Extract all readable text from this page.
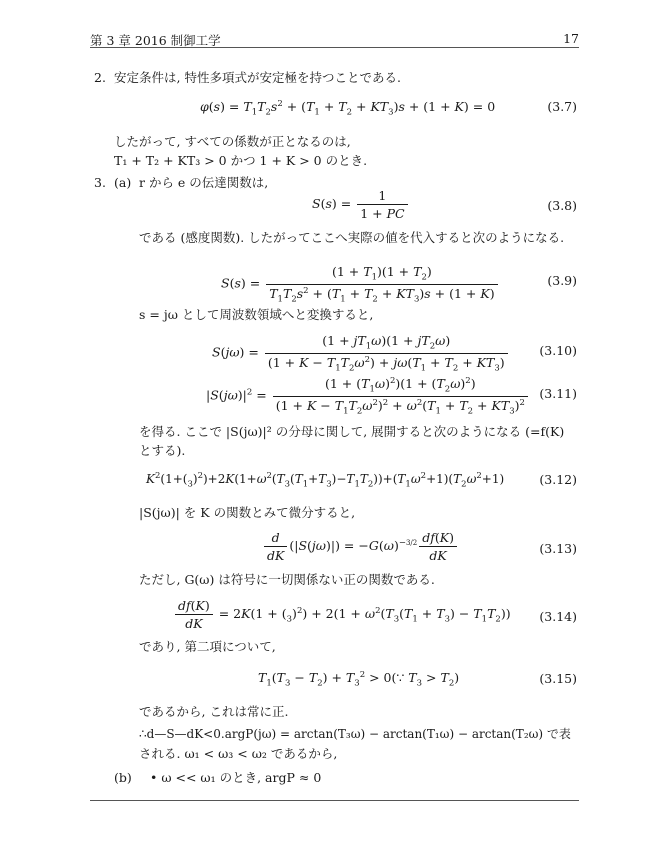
第 3 章 2016 制御工学	17
2. 安定条件は, 特性多項式が安定極を持つことである.
$\varphi(s) = T_1T_2s^2 + (T_1 + T_2 + KT_3)s + (1 + K) = 0$	(3.7)
したがって, すべての係数が正となるのは,
T₁ + T₂ + KT₃ > 0 かつ 1 + K > 0 のとき.
3. (a) r から e の伝達関数は,
$S(s) = \frac{1}{1 + PC}$	(3.8)
である (感度関数). したがってここへ実際の値を代入すると次のようになる.
$S(s) = \frac{(1 + T_1)(1 + T_2)}{T_1T_2s^2 + (T_1 + T_2 + KT_3)s + (1 + K)}$	(3.9)
s = jω として周波数領域へと変換すると,
$S(j\omega) = \frac{(1 + jT_1\omega)(1 + jT_2\omega)}{(1 + K - T_1T_2\omega^2) + j\omega(T_1 + T_2 + KT_3)}$	(3.10)
$|S(j\omega)|^2 = \frac{(1 + (T_1\omega)^2)(1 + (T_2\omega)^2)}{(1 + K - T_1T_2\omega^2)^2 + \omega^2(T_1 + T_2 + KT_3)^2} (3.11)$
を得る. ここで |S(jω)|² の分母に関して, 展開すると次のようになる (=f(K)
とする).
$K^2(1+(_3)^2)+2K(1+\omega^2(T_3(T_1+T_3)-T_1T_2))+(T_1\omega^2+1)(T_2\omega^2+1)$	(3.12)
|S(jω)| を K の関数とみて微分すると,
$\frac{d}{dK} (|S(j\omega)|) = -G(\omega)^{-3/2} \frac{df(K)}{dK}$	(3.13)
ただし, G(ω) は符号に一切関係ない正の関数である.
$\frac{df(K)}{dK} = 2K(1 + (_3)^2) + 2(1 + \omega^2(T_3(T_1 + T_3) - T_1T_2))$ (3.14)
であり, 第二項について,
$T_1(T_3 - T_2) + T_3^2$ > 0(∵ $T_3 > T_2$)	(3.15)
であるから, これは常に正.
∴d—S—dK<0.argP(jω) = arctan(T₃ω) − arctan(T₁ω) − arctan(T₂ω) で表
される. ω₁ < ω₃ < ω₂ であるから,
(b) • ω << ω₁ のとき, argP ≈ 0
